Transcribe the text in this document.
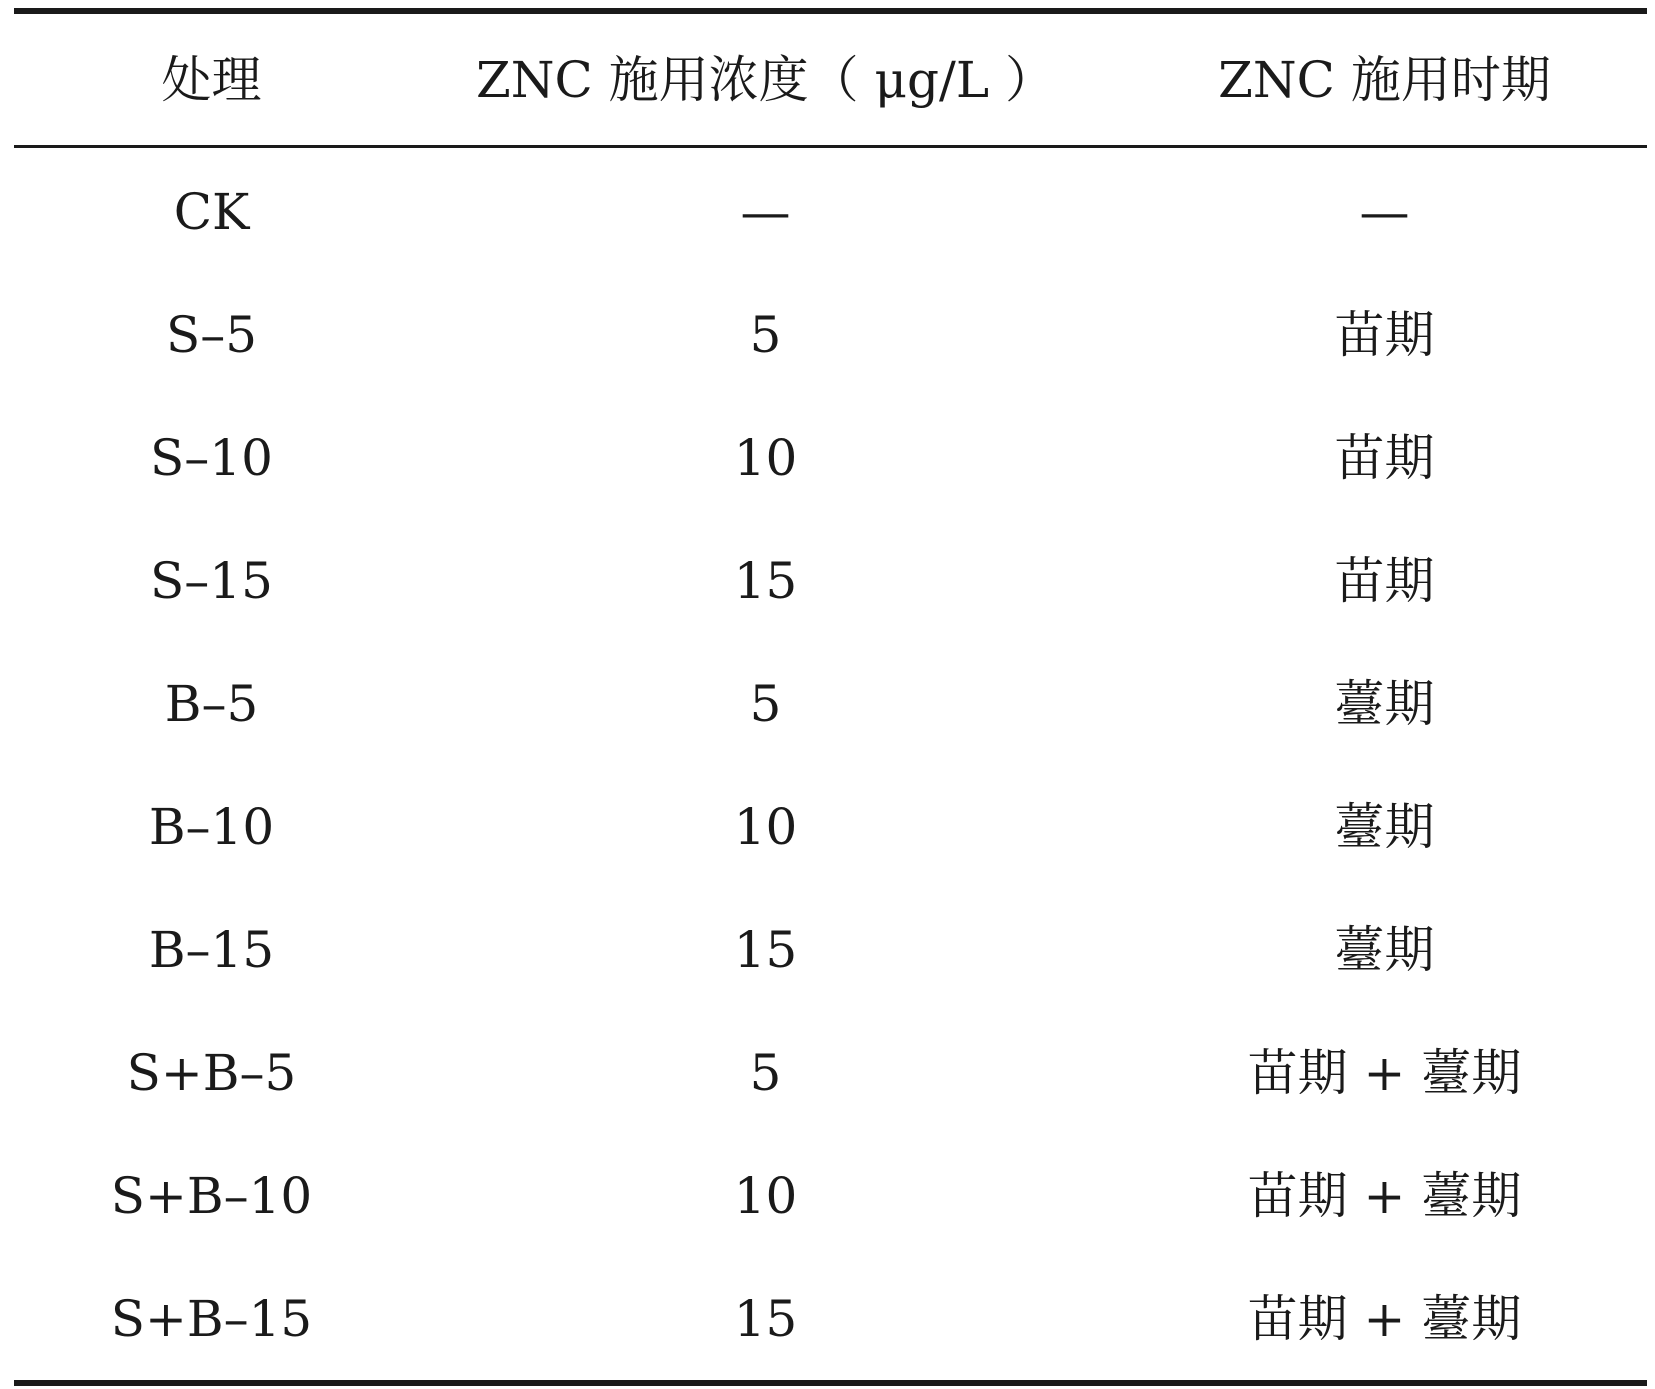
处理	ZNC 施用浓度（ μg/L ）	ZNC 施用时期
CK	—	—
S–5	5	苗期
S–10	10	苗期
S–15	15	苗期
B–5	5	薹期
B–10	10	薹期
B–15	15	薹期
S+B–5	5	苗期 + 薹期
S+B–10	10	苗期 + 薹期
S+B–15	15	苗期 + 薹期
